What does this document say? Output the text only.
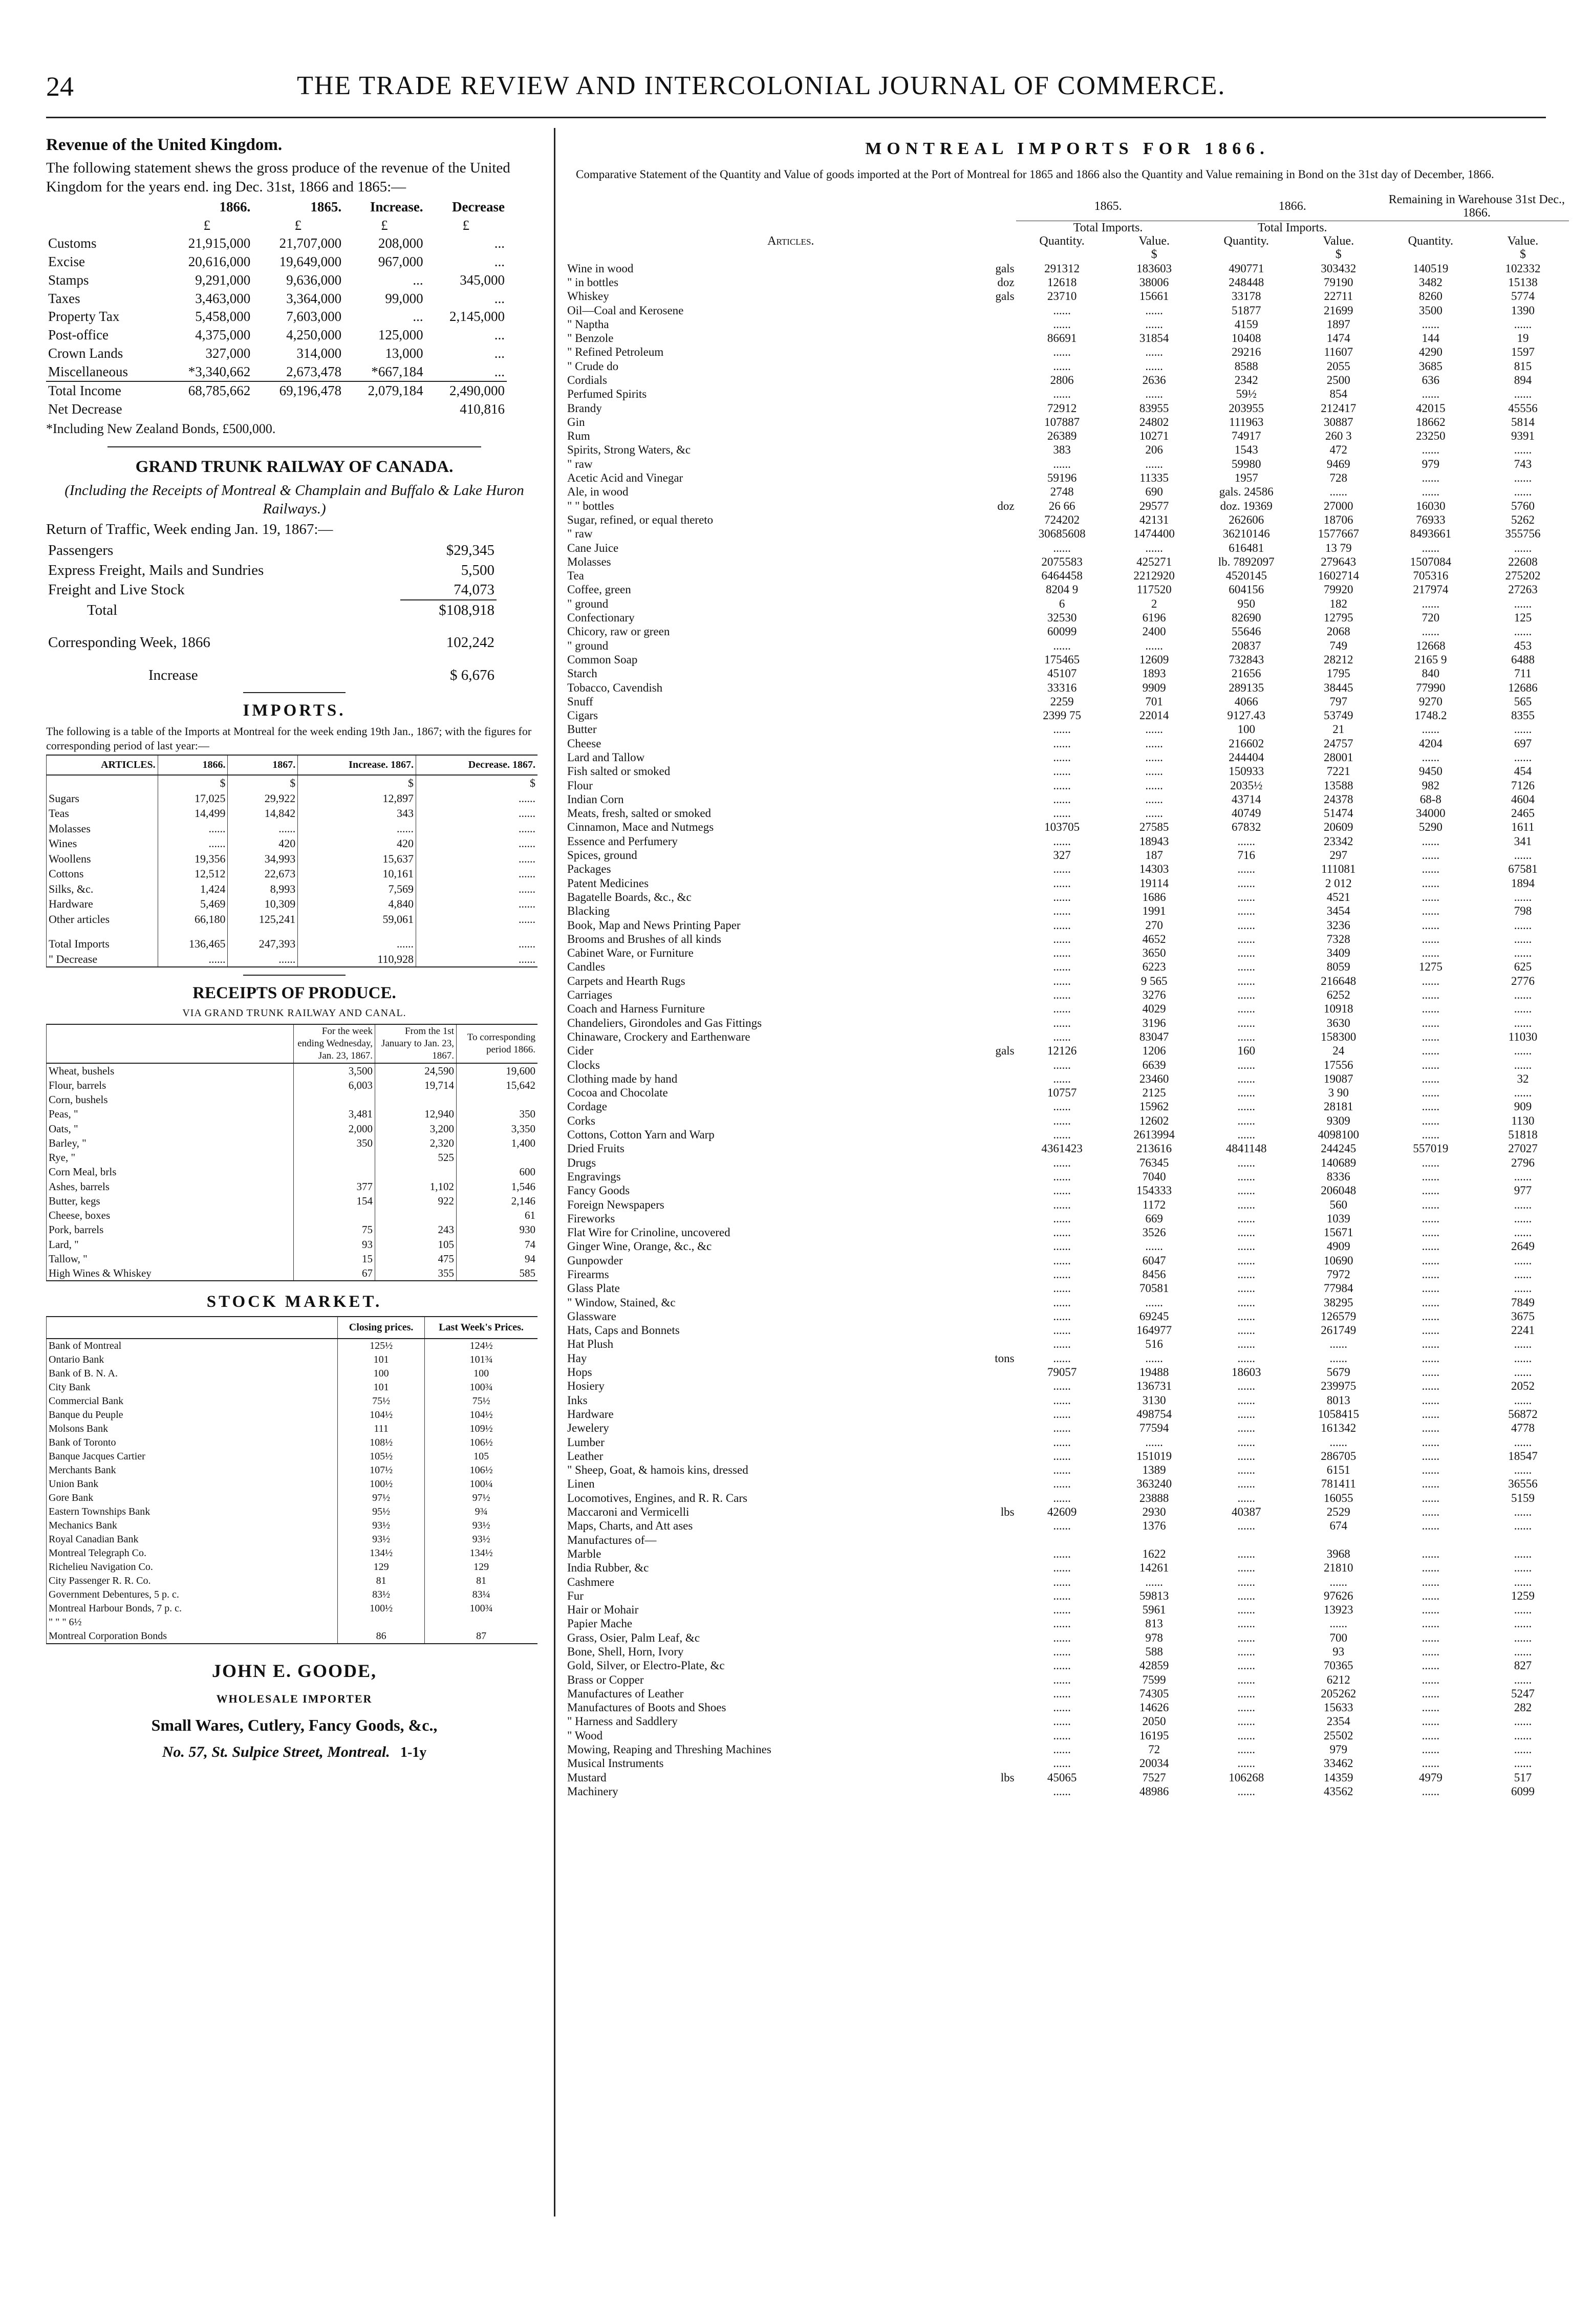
24	THE TRADE REVIEW AND INTERCOLONIAL JOURNAL OF COMMERCE.
Revenue of the United Kingdom.

The following statement shews the gross produce of the revenue of the United Kingdom for the years end. ing Dec. 31st, 1866 and 1865:—

	1866.	1865.	Increase.	Decrease
	£	£	£	£
Customs	21,915,000	21,707,000	208,000	...
Excise	20,616,000	19,649,000	967,000	...
Stamps	9,291,000	9,636,000	...	345,000
Taxes	3,463,000	3,364,000	99,000	...
Property Tax	5,458,000	7,603,000	...	2,145,000
Post-office	4,375,000	4,250,000	125,000	...
Crown Lands	327,000	314,000	13,000	...
Miscellaneous	*3,340,662	2,673,478	*667,184	...
Total Income	68,785,662	69,196,478	2,079,184	2,490,000
Net Decrease				410,816

*Including New Zealand Bonds, £500,000.

GRAND TRUNK RAILWAY OF CANADA.
(Including the Receipts of Montreal & Champlain and Buffalo & Lake Huron Railways.)

Return of Traffic, Week ending Jan. 19, 1867:—

Passengers	$29,345
Express Freight, Mails and Sundries	5,500
Freight and Live Stock	74,073
Total	$108,918
Corresponding Week, 1866	102,242
Increase	$ 6,676
IMPORTS.

The following is a table of the Imports at Montreal for the week ending 19th Jan., 1867; with the figures for corresponding period of last year:—

ARTICLES.	1866.	1867.	Increase. 1867.	Decrease. 1867.
	$	$	$	$
Sugars	17,025	29,922	12,897	......
Teas	14,499	14,842	343	......
Molasses	......	......	......	......
Wines	......	420	420	......
Woollens	19,356	34,993	15,637	......
Cottons	12,512	22,673	10,161	......
Silks, &c.	1,424	8,993	7,569	......
Hardware	5,469	10,309	4,840	......
Other articles	66,180	125,241	59,061	......
Total Imports	136,465	247,393	......	......
" Decrease	......	......	110,928	......
RECEIPTS OF PRODUCE.
VIA GRAND TRUNK RAILWAY AND CANAL.
	For the week ending Wednesday, Jan. 23, 1867.	From the 1st January to Jan. 23, 1867.	To corresponding period 1866.
Wheat, bushels	3,500	24,590	19,600
Flour, barrels	6,003	19,714	15,642
Corn, bushels			
Peas, "	3,481	12,940	350
Oats, "	2,000	3,200	3,350
Barley, "	350	2,320	1,400
Rye, "		525	
Corn Meal, brls			600
Ashes, barrels	377	1,102	1,546
Butter, kegs	154	922	2,146
Cheese, boxes			61
Pork, barrels	75	243	930
Lard, "	93	105	74
Tallow, "	15	475	94
High Wines & Whiskey	67	355	585
STOCK MARKET.
	Closing prices.	Last Week's Prices.
Bank of Montreal	125½	124½
Ontario Bank	101	101¾
Bank of B. N. A.	100	100
City Bank	101	100¾
Commercial Bank	75½	75½
Banque du Peuple	104½	104½
Molsons Bank	111	109½
Bank of Toronto	108½	106½
Banque Jacques Cartier	105½	105
Merchants Bank	107½	106½
Union Bank	100½	100¼
Gore Bank	97½	97½
Eastern Townships Bank	95½	9¾
Mechanics Bank	93½	93½
Royal Canadian Bank	93½	93½
Montreal Telegraph Co.	134½	134½
Richelieu Navigation Co.	129	129
City Passenger R. R. Co.	81	81
Government Debentures, 5 p. c.	83½	83¼
Montreal Harbour Bonds, 7 p. c.	100½	100¾
" " " 6½		
Montreal Corporation Bonds	86	87
JOHN E. GOODE,
WHOLESALE IMPORTER
Small Wares, Cutlery, Fancy Goods, &c.,
No. 57, St. Sulpice Street, Montreal. 1-1y
MONTREAL IMPORTS FOR 1866.
Comparative Statement of the Quantity and Value of goods imported at the Port of Montreal for 1865 and 1866 also the Quantity and Value remaining in Bond on the 31st day of December, 1866.
		1865.		1866.		Remaining in Warehouse 31st Dec., 1866.	
		Total Imports.		Total Imports.			
Articles.		Quantity.	Value.	Quantity.	Value.	Quantity.	Value.
			$		$		$
Wine in wood	gals	291312	183603	490771	303432	140519	102332
" in bottles	doz	12618	38006	248448	79190	3482	15138
Whiskey	gals	23710	15661	33178	22711	8260	5774
Oil—Coal and Kerosene		......	......	51877	21699	3500	1390
" Naptha		......	......	4159	1897	......	......
" Benzole		86691	31854	10408	1474	144	19
" Refined Petroleum		......	......	29216	11607	4290	1597
" Crude do		......	......	8588	2055	3685	815
Cordials		2806	2636	2342	2500	636	894
Perfumed Spirits		......	......	59½	854	......	......
Brandy		72912	83955	203955	212417	42015	45556
Gin		107887	24802	111963	30887	18662	5814
Rum		26389	10271	74917	260 3	23250	9391
Spirits, Strong Waters, &c		383	206	1543	472	......	......
" raw		......	......	59980	9469	979	743
Acetic Acid and Vinegar		59196	11335	1957	728	......	......
Ale, in wood		2748	690	gals. 24586	......	......	......
" " bottles	doz	26 66	29577	doz. 19369	27000	16030	5760
Sugar, refined, or equal thereto		724202	42131	262606	18706	76933	5262
" raw		30685608	1474400	36210146	1577667	8493661	355756
Cane Juice		......	......	616481	13 79	......	......
Molasses		2075583	425271	lb. 7892097	279643	1507084	22608
Tea		6464458	2212920	4520145	1602714	705316	275202
Coffee, green		8204 9	117520	604156	79920	217974	27263
" ground		6	2	950	182	......	......
Confectionary		32530	6196	82690	12795	720	125
Chicory, raw or green		60099	2400	55646	2068	......	......
" ground		......	......	20837	749	12668	453
Common Soap		175465	12609	732843	28212	2165 9	6488
Starch		45107	1893	21656	1795	840	711
Tobacco, Cavendish		33316	9909	289135	38445	77990	12686
Snuff		2259	701	4066	797	9270	565
Cigars		2399 75	22014	9127.43	53749	1748.2	8355
Butter		......	......	100	21	......	......
Cheese		......	......	216602	24757	4204	697
Lard and Tallow		......	......	244404	28001	......	......
Fish salted or smoked		......	......	150933	7221	9450	454
Flour		......	......	2035½	13588	982	7126
Indian Corn		......	......	43714	24378	68-8	4604
Meats, fresh, salted or smoked		......	......	40749	51474	34000	2465
Cinnamon, Mace and Nutmegs		103705	27585	67832	20609	5290	1611
Essence and Perfumery		......	18943	......	23342	......	341
Spices, ground		327	187	716	297	......	......
Packages		......	14303	......	111081	......	67581
Patent Medicines		......	19114	......	2 012	......	1894
Bagatelle Boards, &c., &c		......	1686	......	4521	......	......
Blacking		......	1991	......	3454	......	798
Book, Map and News Printing Paper		......	270	......	3236	......	......
Brooms and Brushes of all kinds		......	4652	......	7328	......	......
Cabinet Ware, or Furniture		......	3650	......	3409	......	......
Candles		......	6223	......	8059	1275	625
Carpets and Hearth Rugs		......	9 565	......	216648	......	2776
Carriages		......	3276	......	6252	......	......
Coach and Harness Furniture		......	4029	......	10918	......	......
Chandeliers, Girondoles and Gas Fittings		......	3196	......	3630	......	......
Chinaware, Crockery and Earthenware		......	83047	......	158300	......	11030
Cider	gals	12126	1206	160	24	......	......
Clocks		......	6639	......	17556	......	......
Clothing made by hand		......	23460	......	19087	......	32
Cocoa and Chocolate		10757	2125	......	3 90	......	......
Cordage		......	15962	......	28181	......	909
Corks		......	12602	......	9309	......	1130
Cottons, Cotton Yarn and Warp		......	2613994	......	4098100	......	51818
Dried Fruits		4361423	213616	4841148	244245	557019	27027
Drugs		......	76345	......	140689	......	2796
Engravings		......	7040	......	8336	......	......
Fancy Goods		......	154333	......	206048	......	977
Foreign Newspapers		......	1172	......	560	......	......
Fireworks		......	669	......	1039	......	......
Flat Wire for Crinoline, uncovered		......	3526	......	15671	......	......
Ginger Wine, Orange, &c., &c		......	......	......	4909	......	2649
Gunpowder		......	6047	......	10690	......	......
Firearms		......	8456	......	7972	......	......
Glass Plate		......	70581	......	77984	......	......
" Window, Stained, &c		......	......	......	38295	......	7849
Glassware		......	69245	......	126579	......	3675
Hats, Caps and Bonnets		......	164977	......	261749	......	2241
Hat Plush		......	516	......	......	......	......
Hay	tons	......	......	......	......	......	......
Hops		79057	19488	18603	5679	......	......
Hosiery		......	136731	......	239975	......	2052
Inks		......	3130	......	8013	......	......
Hardware		......	498754	......	1058415	......	56872
Jewelery		......	77594	......	161342	......	4778
Lumber		......	......	......	......	......	......
Leather		......	151019	......	286705	......	18547
" Sheep, Goat, & hamois kins, dressed		......	1389	......	6151	......	......
Linen		......	363240	......	781411	......	36556
Locomotives, Engines, and R. R. Cars		......	23888	......	16055	......	5159
Maccaroni and Vermicelli	lbs	42609	2930	40387	2529	......	......
Maps, Charts, and Att ases		......	1376	......	674	......	......
Manufactures of—							
Marble		......	1622	......	3968	......	......
India Rubber, &c		......	14261	......	21810	......	......
Cashmere		......	......	......	......	......	......
Fur		......	59813	......	97626	......	1259
Hair or Mohair		......	5961	......	13923	......	......
Papier Mache		......	813	......	......	......	......
Grass, Osier, Palm Leaf, &c		......	978	......	700	......	......
Bone, Shell, Horn, Ivory		......	588	......	93	......	......
Gold, Silver, or Electro-Plate, &c		......	42859	......	70365	......	827
Brass or Copper		......	7599	......	6212	......	......
Manufactures of Leather		......	74305	......	205262	......	5247
Manufactures of Boots and Shoes		......	14626	......	15633	......	282
" Harness and Saddlery		......	2050	......	2354	......	......
" Wood		......	16195	......	25502	......	......
Mowing, Reaping and Threshing Machines		......	72	......	979	......	......
Musical Instruments		......	20034	......	33462	......	......
Mustard	lbs	45065	7527	106268	14359	4979	517
Machinery		......	48986	......	43562	......	6099
